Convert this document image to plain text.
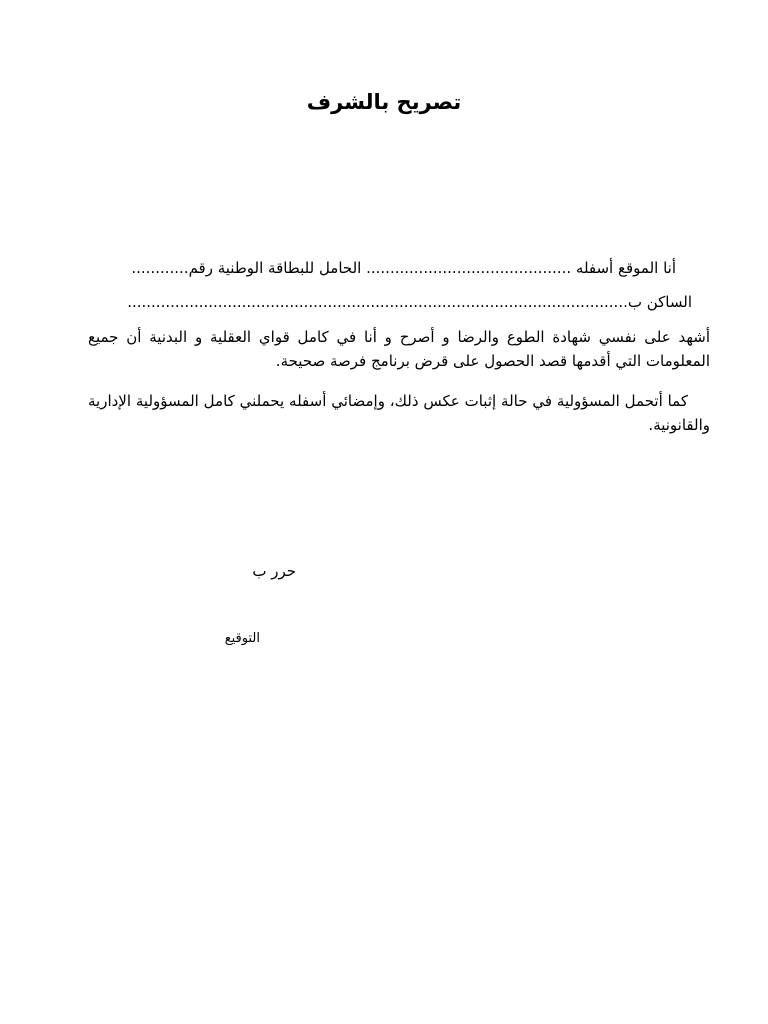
تصريح بالشرف

أنا الموقع أسفله ........................................... الحامل للبطاقة الوطنية رقم............

الساكن ب.........................................................................................................

أشهد على نفسي شهادة الطوع والرضا و أصرح و أنا في كامل قواي العقلية و البدنية أن جميع المعلومات التي أقدمها قصد الحصول على قرض برنامج فرصة صحيحة.

كما أتحمل المسؤولية في حالة إثبات عكس ذلك، وإمضائي أسفله يحملني كامل المسؤولية الإدارية والقانونية.

حرر ب

التوقيع
